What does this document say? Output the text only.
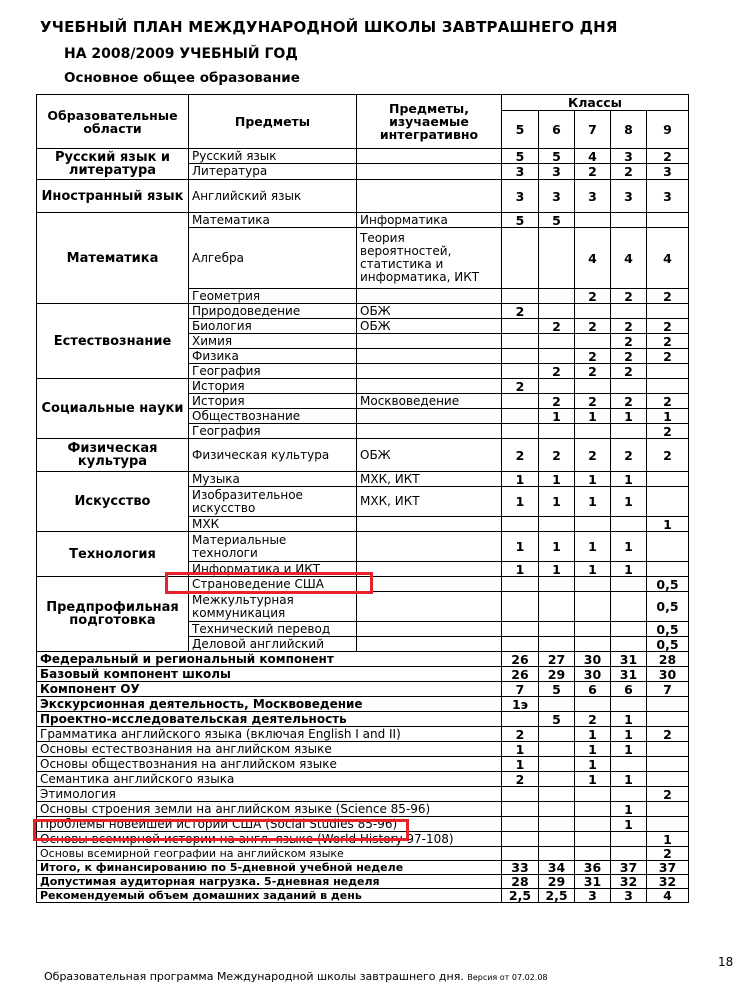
УЧЕБНЫЙ ПЛАН МЕЖДУНАРОДНОЙ ШКОЛЫ ЗАВТРАШНЕГО ДНЯ
НА 2008/2009 УЧЕБНЫЙ ГОД
Основное общее образование
Образовательные области	Предметы	Предметы, изучаемые интегративно	Классы				
			5	6	7	8	9
Русский язык и литература	Русский язык		5	5	4	3	2
	Литература		3	3	2	2	3
Иностранный язык	Английский язык		3	3	3	3	3
Математика	Математика	Информатика	5	5			
	Алгебра	Теория вероятностей, статистика и информатика, ИКТ			4	4	4
	Геометрия				2	2	2
Естествознание	Природоведение	ОБЖ	2				
	Биология	ОБЖ		2	2	2	2
	Химия					2	2
	Физика				2	2	2
	География			2	2	2	
Социальные науки	История		2				
	История	Москвоведение		2	2	2	2
	Обществознание			1	1	1	1
	География						2
Физическая культура	Физическая культура	ОБЖ	2	2	2	2	2
Искусство	Музыка	МХК, ИКТ	1	1	1	1	
	Изобразительное искусство	МХК, ИКТ	1	1	1	1	
	МХК						1
Технология	Материальные технологи		1	1	1	1	
	Информатика и ИКТ		1	1	1	1	
Предпрофильная подготовка	Страноведение США						0,5
	Межкультурная коммуникация						0,5
	Технический перевод						0,5
	Деловой английский						0,5
Федеральный и региональный компонент			26	27	30	31	28
Базовый компонент школы			26	29	30	31	30
Компонент ОУ			7	5	6	6	7
Экскурсионная деятельность, Москвоведение			1э				
Проектно-исследовательская деятельность				5	2	1	
Грамматика английского языка (включая English I and II)			2		1	1	2
Основы естествознания на английском языке			1		1	1	
Основы обществознания на английском языке			1		1		
Семантика английского языка			2		1	1	
Этимология							2
Основы строения земли на английском языке (Science 85-96)						1	
Проблемы новейшей истории США (Social Studies 85-96)						1	
Основы всемирной истории на англ. языке (World History 97-108)							1
Основы всемирной географии на английском языке							2
Итого, к финансированию по 5-дневной учебной неделе			33	34	36	37	37
Допустимая аудиторная нагрузка. 5-дневная неделя			28	29	31	32	32
Рекомендуемый объем домашних заданий в день			2,5	2,5	3	3	4
18
Образовательная программа Международной школы завтрашнего дня. Версия от 07.02.08
